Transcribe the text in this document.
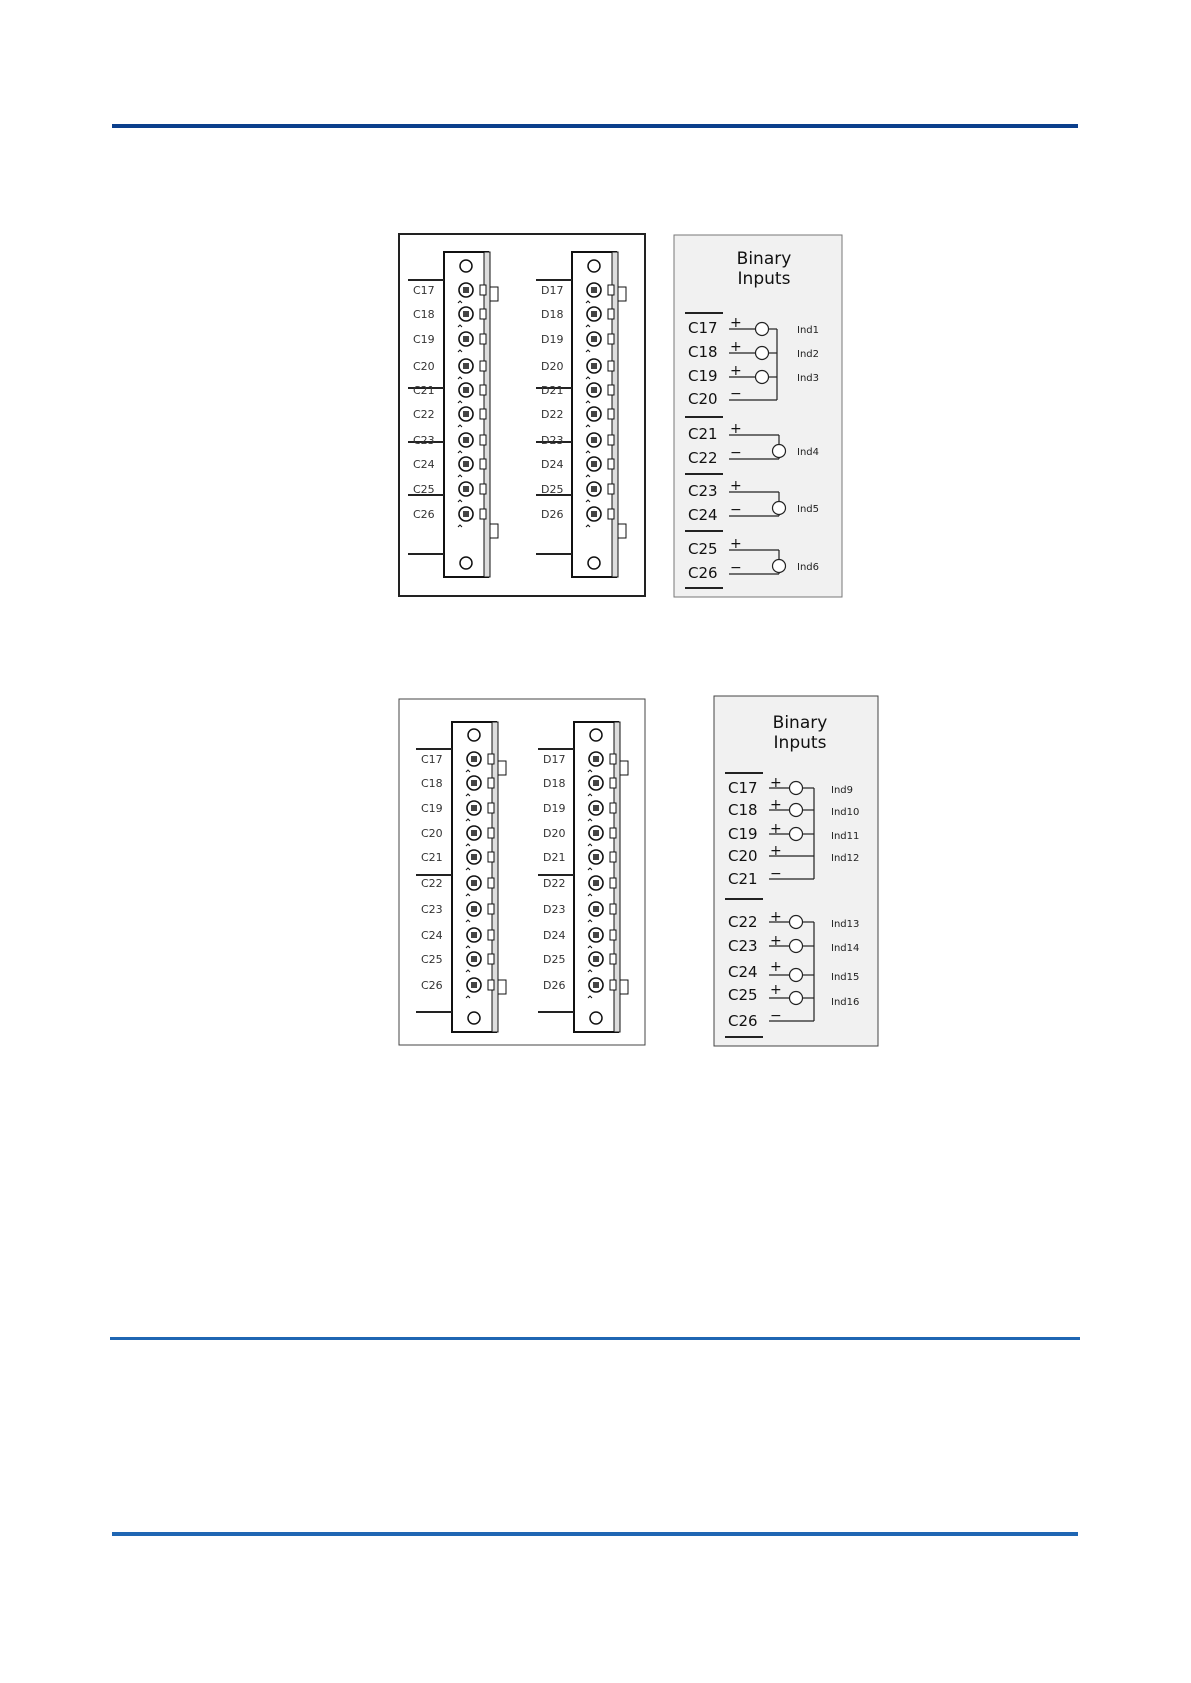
C17
C18
C19
C20
C21
C22
C23
C24
C25
C26
D17
D18
D19
D20
D21
D22
D23
D24
D25
D26
Binary
Inputs
C17
C18
C19
C20
C21
C22
C23
C24
C25
C26
+
+
+
−
+
−
+
−
+
−
Ind1
Ind2
Ind3
Ind4
Ind5
Ind6
C17
C18
C19
C20
C21
C22
C23
C24
C25
C26
D17
D18
D19
D20
D21
D22
D23
D24
D25
D26
Binary
Inputs
C17
C18
C19
C20
C21
C22
C23
C24
C25
C26
+
+
+
+
−
+
+
+
+
−
Ind9
Ind10
Ind11
Ind12
Ind13
Ind14
Ind15
Ind16
